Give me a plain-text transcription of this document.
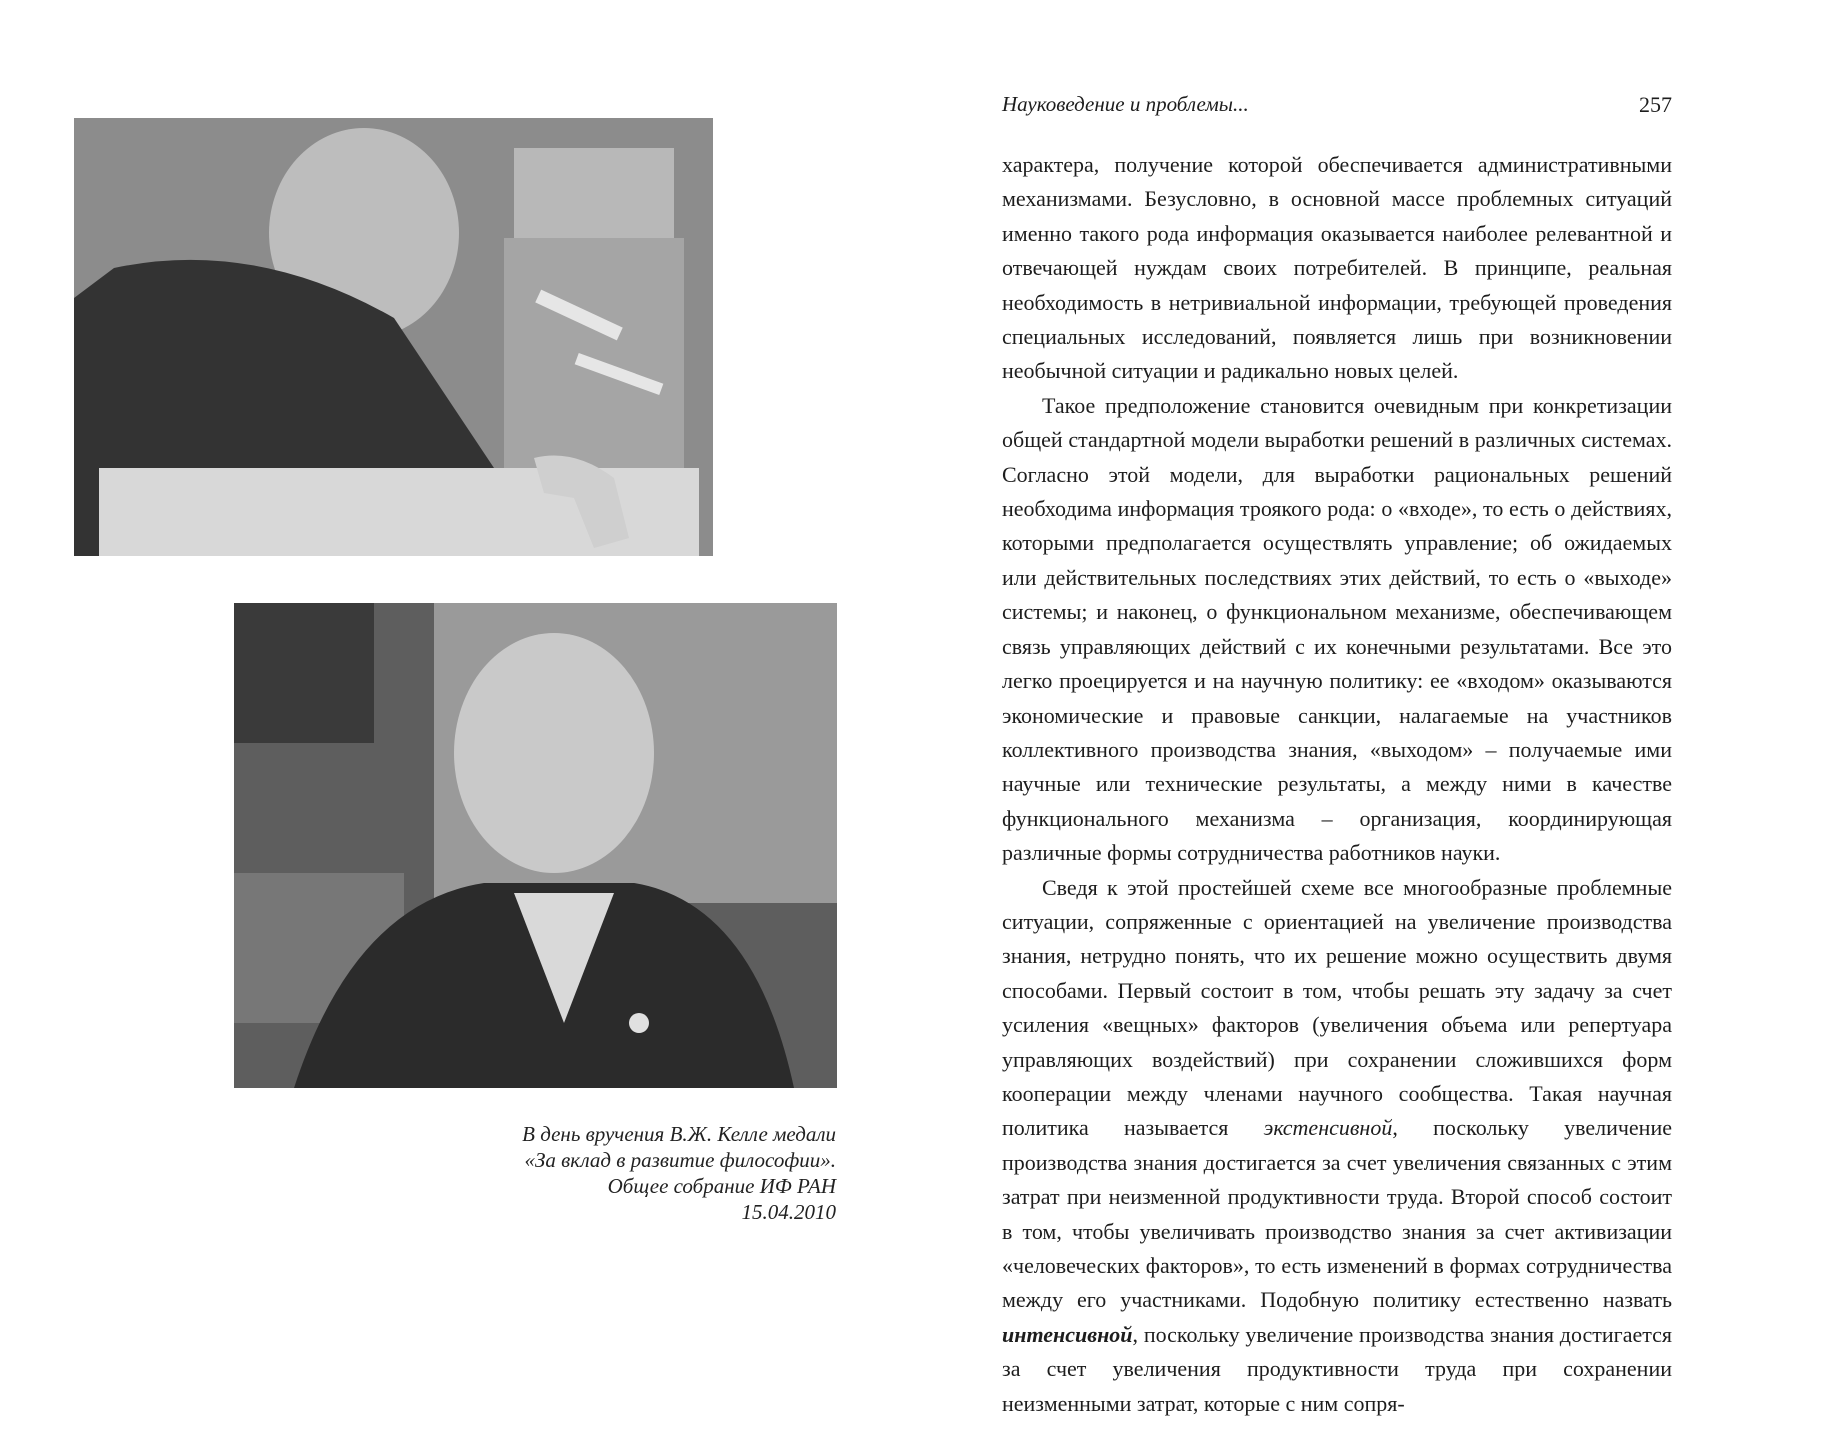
В день вручения В.Ж. Келле медали
«За вклад в развитие философии».
Общее собрание ИФ РАН
15.04.2010
Науковедение и проблемы...	257

характера, получение которой обеспечивается административными механизмами. Безусловно, в основной массе проблемных ситуаций именно такого рода информация оказывается наиболее релевантной и отвечающей нуждам своих потребителей. В принципе, реальная необходимость в нетривиальной информации, требующей проведения специальных исследований, появляется лишь при возникновении необычной ситуации и радикально новых целей.

Такое предположение становится очевидным при конкретизации общей стандартной модели выработки решений в различных системах. Согласно этой модели, для выработки рациональных решений необходима информация троякого рода: о «входе», то есть о действиях, которыми предполагается осуществлять управление; об ожидаемых или действительных последствиях этих действий, то есть о «выходе» системы; и наконец, о функциональном механизме, обеспечивающем связь управляющих действий с их конечными результатами. Все это легко проецируется и на научную политику: ее «входом» оказываются экономические и правовые санкции, налагаемые на участников коллективного производства знания, «выходом» – получаемые ими научные или технические результаты, а между ними в качестве функционального механизма – организация, координирующая различные формы сотрудничества работников науки.

Сведя к этой простейшей схеме все многообразные проблемные ситуации, сопряженные с ориентацией на увеличение производства знания, нетрудно понять, что их решение можно осуществить двумя способами. Первый состоит в том, чтобы решать эту задачу за счет усиления «вещных» факторов (увеличения объема или репертуара управляющих воздействий) при сохранении сложившихся форм кооперации между членами научного сообщества. Такая научная политика называется экстенсивной, поскольку увеличение производства знания достигается за счет увеличения связанных с этим затрат при неизменной продуктивности труда. Второй способ состоит в том, чтобы увеличивать производство знания за счет активизации «человеческих факторов», то есть изменений в формах сотрудничества между его участниками. Подобную политику естественно назвать интенсивной, поскольку увеличение производства знания достигается за счет увеличения продуктивности труда при сохранении неизменными затрат, которые с ним сопря-
